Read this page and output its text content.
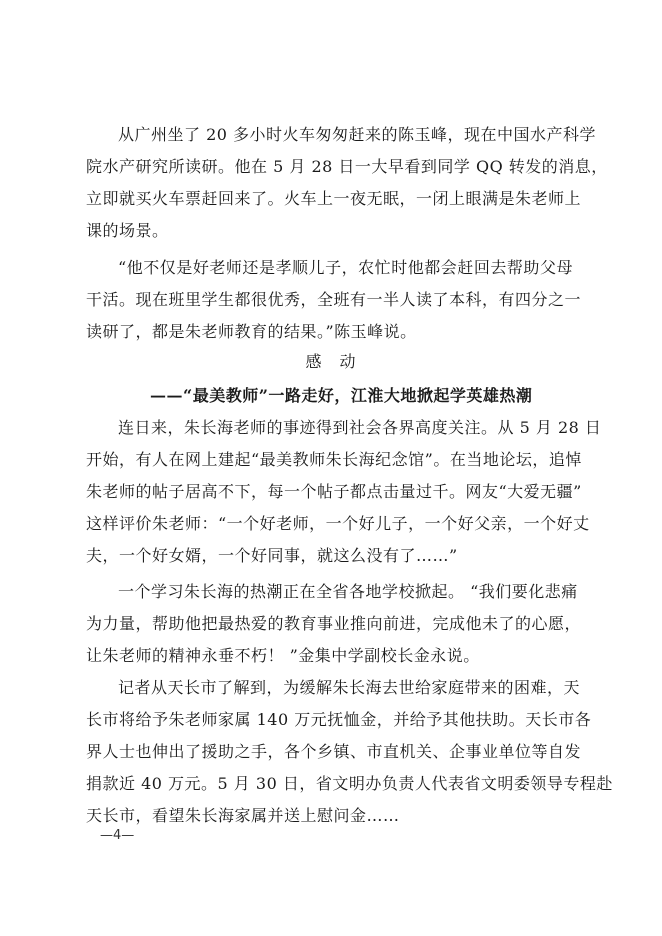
从广州坐了 20 多小时火车匆匆赶来的陈玉峰，现在中国水产科学
院水产研究所读研。他在 5 月 28 日一大早看到同学 QQ 转发的消息，
立即就买火车票赶回来了。火车上一夜无眠，一闭上眼满是朱老师上
课的场景。
“他不仅是好老师还是孝顺儿子，农忙时他都会赶回去帮助父母
干活。现在班里学生都很优秀，全班有一半人读了本科，有四分之一
读研了，都是朱老师教育的结果。”陈玉峰说。
感　动
——“最美教师”一路走好，江淮大地掀起学英雄热潮
连日来，朱长海老师的事迹得到社会各界高度关注。从 5 月 28 日
开始，有人在网上建起“最美教师朱长海纪念馆”。在当地论坛，追悼
朱老师的帖子居高不下，每一个帖子都点击量过千。网友“大爱无疆”
这样评价朱老师：“一个好老师，一个好儿子，一个好父亲，一个好丈
夫，一个好女婿，一个好同事，就这么没有了……”
一个学习朱长海的热潮正在全省各地学校掀起。 “我们要化悲痛
为力量，帮助他把最热爱的教育事业推向前进，完成他未了的心愿，
让朱老师的精神永垂不朽！ ”金集中学副校长金永说。
记者从天长市了解到，为缓解朱长海去世给家庭带来的困难，天
长市将给予朱老师家属 140 万元抚恤金，并给予其他扶助。天长市各
界人士也伸出了援助之手，各个乡镇、市直机关、企事业单位等自发
捐款近 40 万元。5 月 30 日，省文明办负责人代表省文明委领导专程赴
天长市，看望朱长海家属并送上慰问金……
—4—
